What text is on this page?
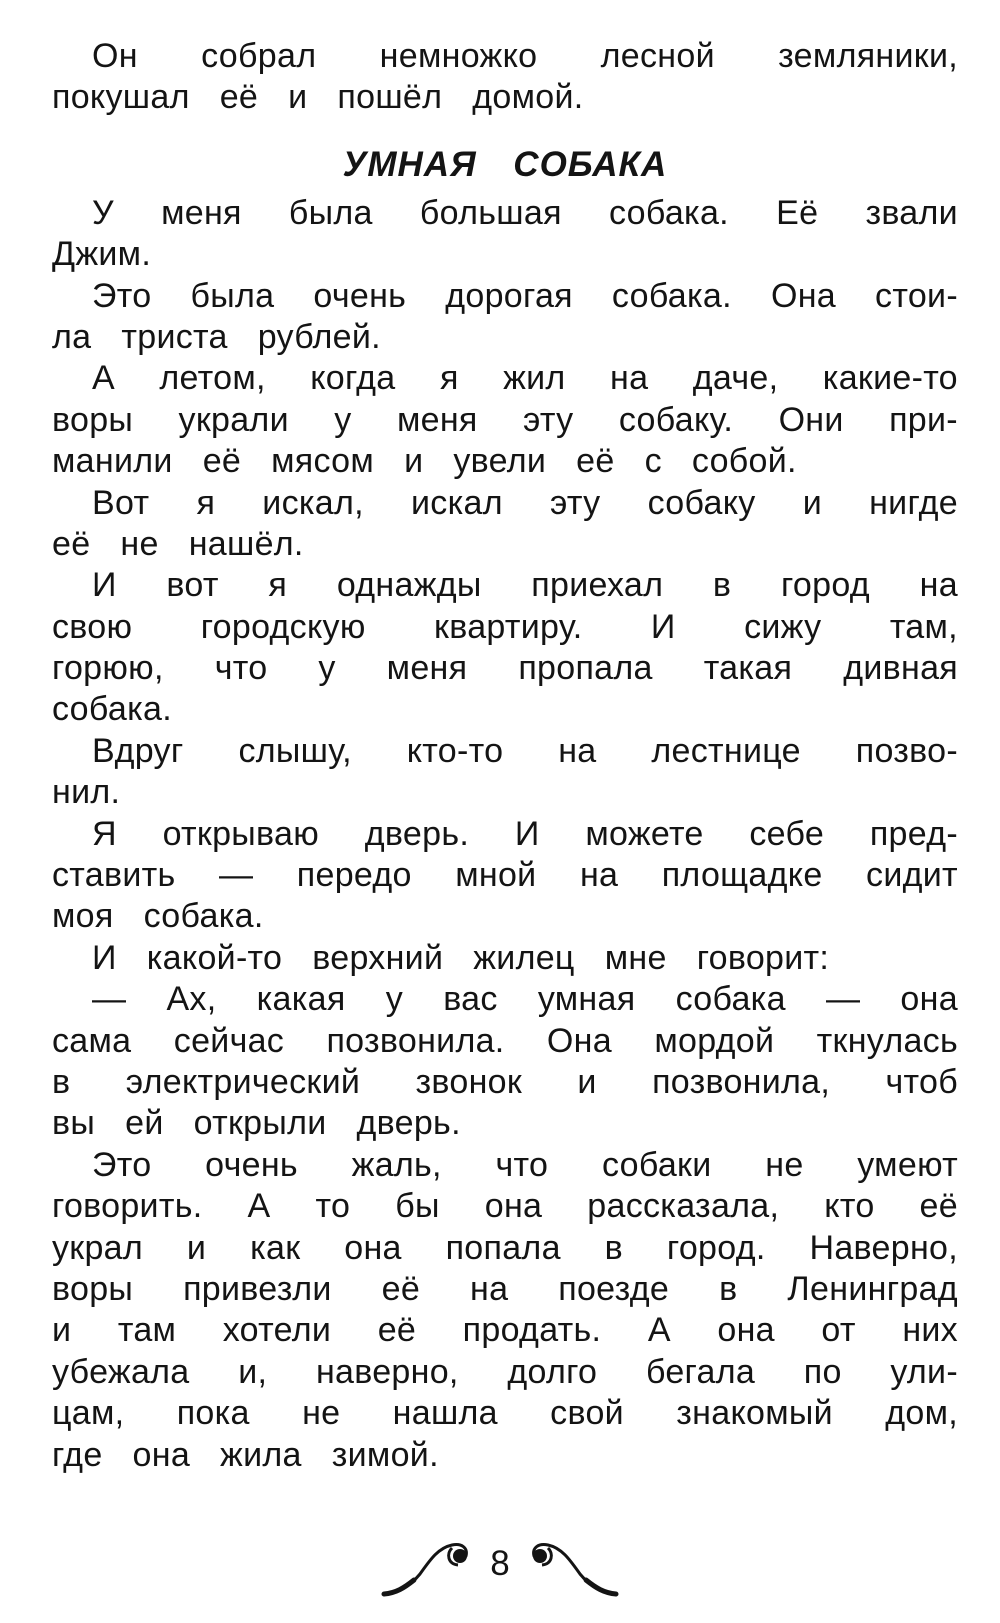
Он собрал немножко лесной земляники,
покушал её и пошёл домой.
УМНАЯ СОБАКА
У меня была большая собака. Её звали
Джим.
Это была очень дорогая собака. Она стои-
ла триста рублей.
А летом, когда я жил на даче, какие-то
воры украли у меня эту собаку. Они при-
манили её мясом и увели её с собой.
Вот я искал, искал эту собаку и нигде
её не нашёл.
И вот я однажды приехал в город на
свою городскую квартиру. И сижу там,
горюю, что у меня пропала такая дивная
собака.
Вдруг слышу, кто-то на лестнице позво-
нил.
Я открываю дверь. И можете себе пред-
ставить — передо мной на площадке сидит
моя собака.
И какой-то верхний жилец мне говорит:
— Ах, какая у вас умная собака — она
сама сейчас позвонила. Она мордой ткнулась
в электрический звонок и позвонила, чтоб
вы ей открыли дверь.
Это очень жаль, что собаки не умеют
говорить. А то бы она рассказала, кто её
украл и как она попала в город. Наверно,
воры привезли её на поезде в Ленинград
и там хотели её продать. А она от них
убежала и, наверно, долго бегала по ули-
цам, пока не нашла свой знакомый дом,
где она жила зимой.
8
